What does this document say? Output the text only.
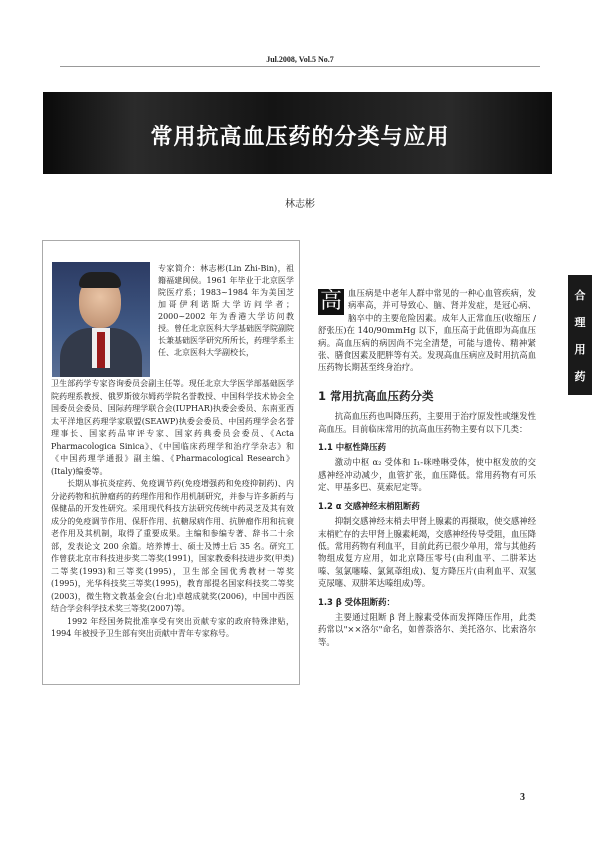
Jul.2008, Vol.5 No.7
常用抗高血压药的分类与应用
林志彬
合
理
用
药
专家简介：林志彬(Lin Zhi-Bin)，祖籍福建闽侯。1961 年毕业于北京医学院医疗系；1983~1984 年为美国芝加哥伊利诺斯大学访问学者；2000~2002 年为香港大学访问教授。曾任北京医科大学基础医学院副院长兼基础医学研究所所长，药理学系主任、北京医科大学副校长，

卫生部药学专家咨询委员会副主任等。现任北京大学医学部基础医学院药理系教授、俄罗斯彼尔姆药学院名誉教授、中国科学技术协会全国委员会委员、国际药理学联合会(IUPHAR)执委会委员、东南亚西太平洋地区药理学家联盟(SEAWP)执委会委员、中国药理学会名誉理事长、国家药品审评专家、国家药典委员会委员、《Acta Pharmacologica Sinica》、《中国临床药理学和治疗学杂志》和《中国药理学通报》副主编、《Pharmacological Research》(Italy)编委等。

长期从事抗炎症药、免疫调节药(免疫增强药和免疫抑制药)、内分泌药物和抗肿瘤药的药理作用和作用机制研究，并参与许多新药与保健品的开发性研究。采用现代科技方法研究传统中药灵芝及其有效成分的免疫调节作用、保肝作用、抗糖尿病作用、抗肿瘤作用和抗衰老作用及其机制，取得了重要成果。主编和参编专著、辞书二十余部，发表论文 200 余篇。培养博士、硕士及博士后 35 名。研究工作曾获北京市科技进步奖二等奖(1991)，国家教委科技进步奖(甲类)二等奖(1993)和三等奖(1995)，卫生部全国优秀教材一等奖(1995)，光华科技奖三等奖(1995)，教育部提名国家科技奖二等奖(2003)，微生物文教基金会(台北)卓越成就奖(2006)，中国中西医结合学会科学技术奖三等奖(2007)等。

1992 年经国务院批准享受有突出贡献专家的政府特殊津贴，1994 年被授予卫生部有突出贡献中青年专家称号。

高 血压病是中老年人群中常见的一种心血管疾病，发病率高，并可导致心、脑、肾并发症，是冠心病、脑卒中的主要危险因素。成年人正常血压(收缩压 / 舒张压)在 140/90mmHg 以下，血压高于此值即为高血压病。高血压病的病因尚不完全清楚，可能与遗传、精神紧张、膳食因素及肥胖等有关。发现高血压病应及时用抗高血压药物长期甚至终身治疗。

1 常用抗高血压药分类

抗高血压药也叫降压药，主要用于治疗原发性或继发性高血压。目前临床常用的抗高血压药物主要有以下几类：

1.1 中枢性降压药

激动中枢 α₂ 受体和 I₁-咪唑啉受体，使中枢发放的交感神经冲动减少，血管扩张，血压降低。常用药物有可乐定、甲基多巴、莫索尼定等。

1.2 α 交感神经末梢阻断药

抑制交感神经末梢去甲肾上腺素的再摄取，使交感神经末梢贮存的去甲肾上腺素耗竭，交感神经传导受阻，血压降低。常用药物有利血平，目前此药已很少单用，常与其他药物组成复方应用，如北京降压零号(由利血平、二肼苯达嗪、氢氯噻嗪、氯氮䓬组成)、复方降压片(由利血平、双氢克尿噻、双肼苯达嗪组成)等。

1.3 β 受体阻断药：

主要通过阻断 β 肾上腺素受体而发挥降压作用，此类药常以"××洛尔"命名，如普萘洛尔、美托洛尔、比索洛尔等。

3
